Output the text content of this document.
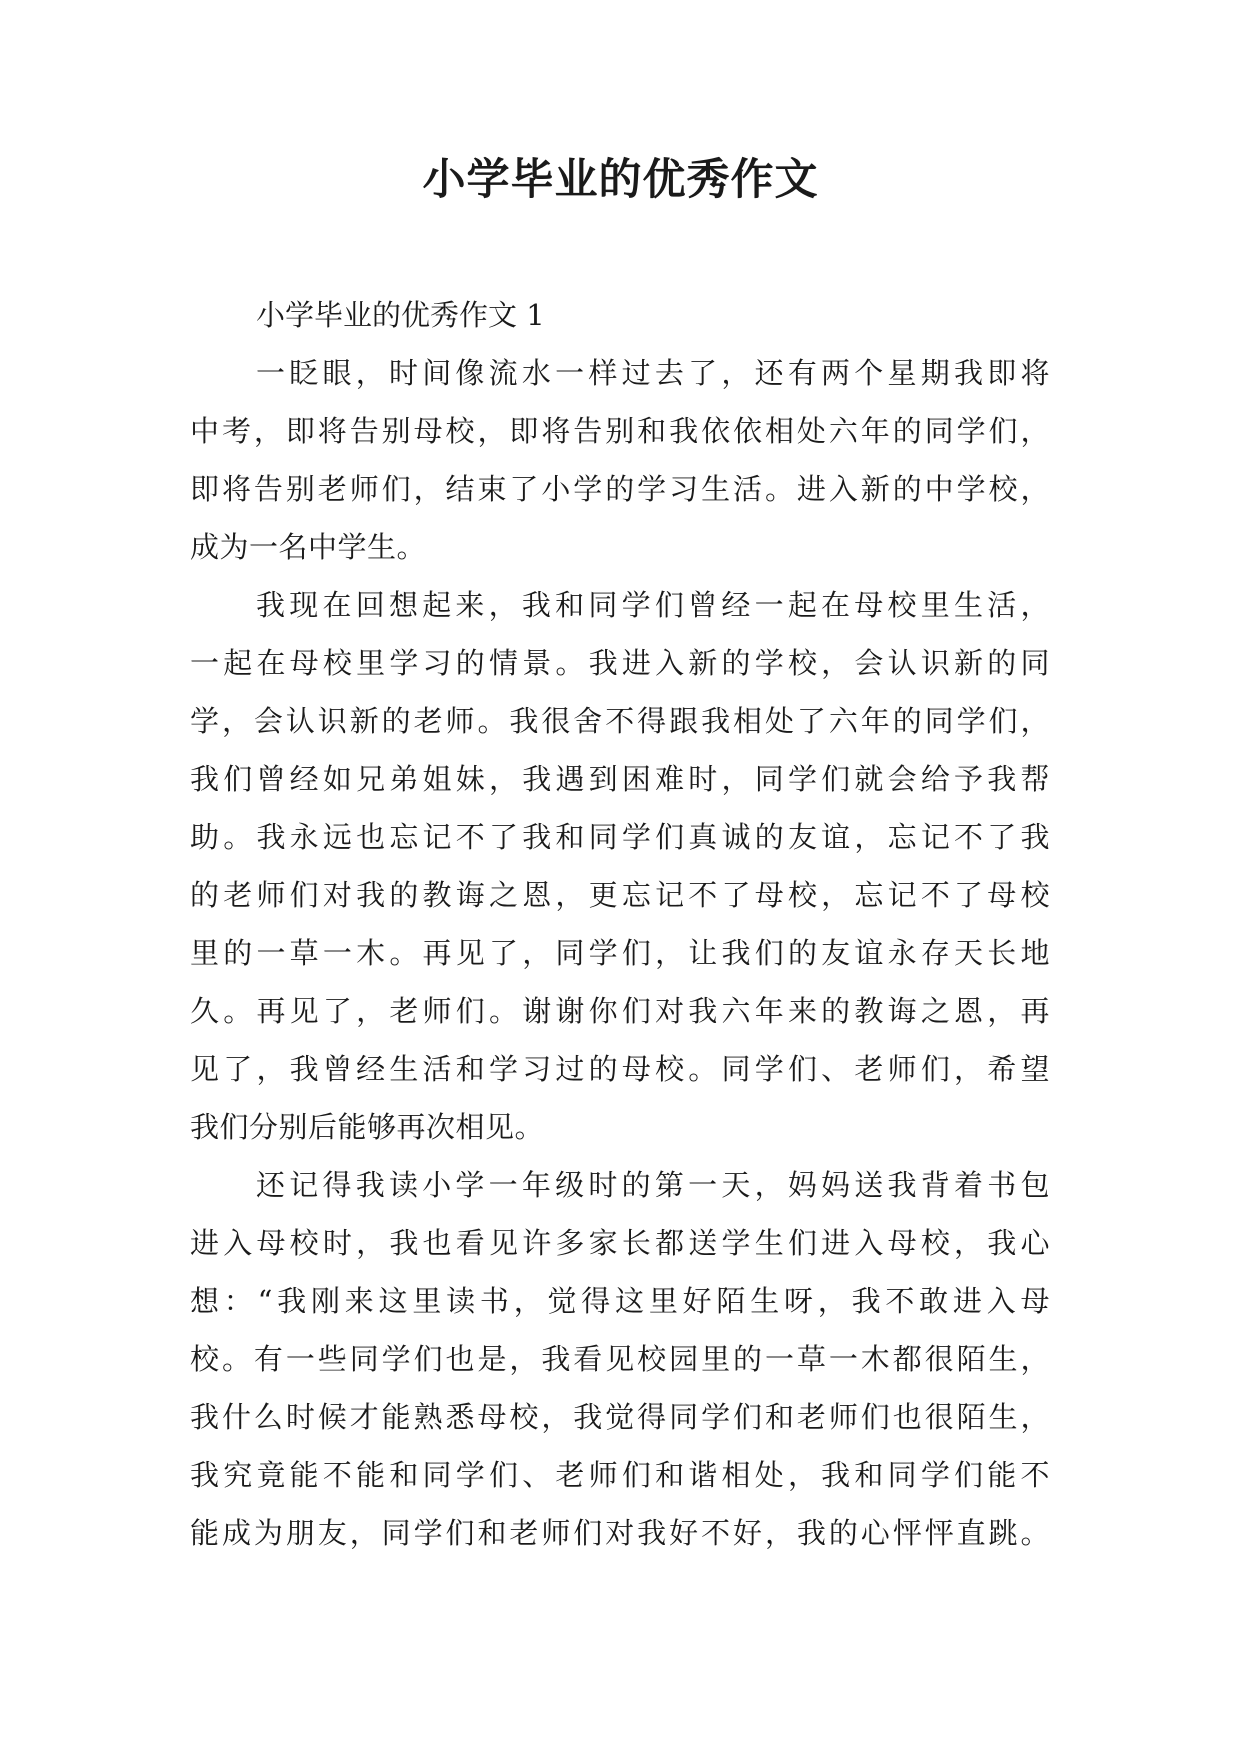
小学毕业的优秀作文
小学毕业的优秀作文 1
一眨眼，时间像流水一样过去了，还有两个星期我即将
中考，即将告别母校，即将告别和我依依相处六年的同学们，
即将告别老师们，结束了小学的学习生活。进入新的中学校，
成为一名中学生。
我现在回想起来，我和同学们曾经一起在母校里生活，
一起在母校里学习的情景。我进入新的学校，会认识新的同
学，会认识新的老师。我很舍不得跟我相处了六年的同学们，
我们曾经如兄弟姐妹，我遇到困难时，同学们就会给予我帮
助。我永远也忘记不了我和同学们真诚的友谊，忘记不了我
的老师们对我的教诲之恩，更忘记不了母校，忘记不了母校
里的一草一木。再见了，同学们，让我们的友谊永存天长地
久。再见了，老师们。谢谢你们对我六年来的教诲之恩，再
见了，我曾经生活和学习过的母校。同学们、老师们，希望
我们分别后能够再次相见。
还记得我读小学一年级时的第一天，妈妈送我背着书包
进入母校时，我也看见许多家长都送学生们进入母校，我心
想：“我刚来这里读书，觉得这里好陌生呀，我不敢进入母
校。有一些同学们也是，我看见校园里的一草一木都很陌生，
我什么时候才能熟悉母校，我觉得同学们和老师们也很陌生，
我究竟能不能和同学们、老师们和谐相处，我和同学们能不
能成为朋友，同学们和老师们对我好不好，我的心怦怦直跳。
